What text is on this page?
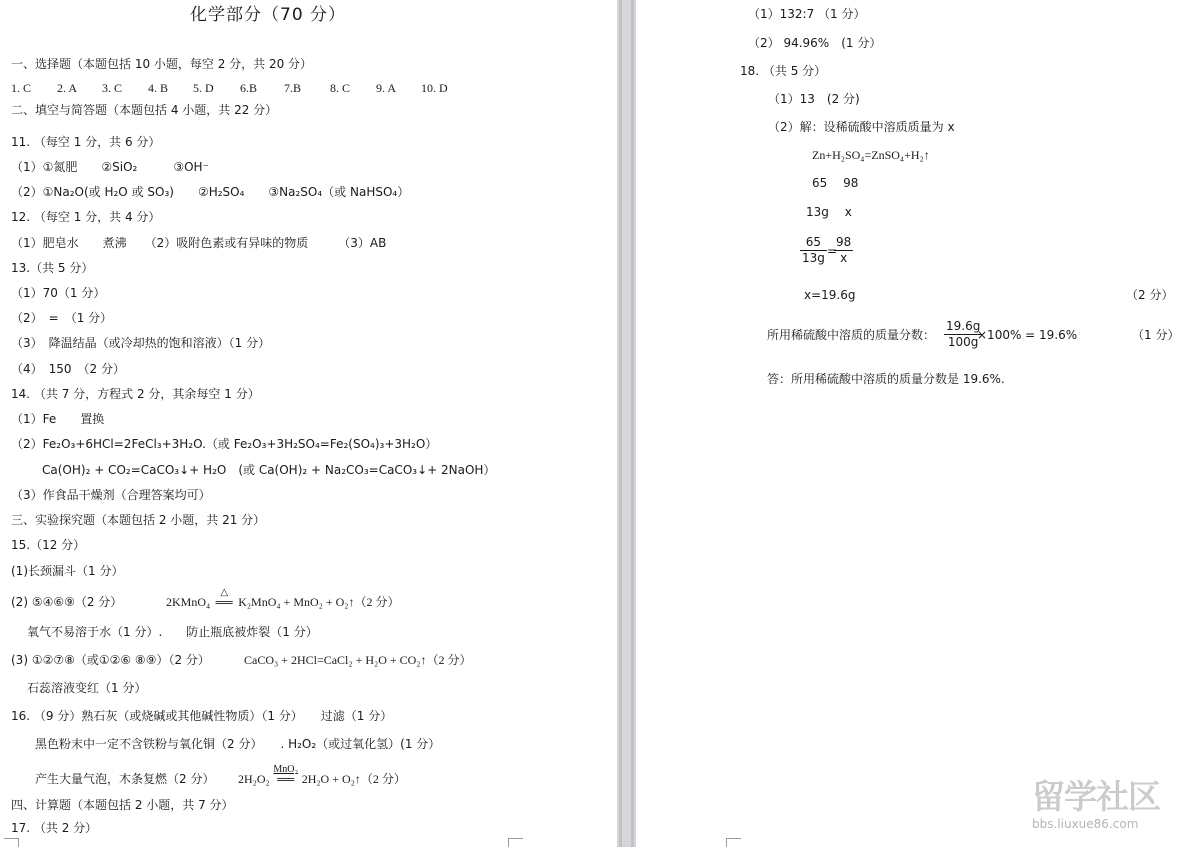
化学部分（70 分）
一、选择题（本题包括 10 小题，每空 2 分，共 20 分）
1. C 2. A 3. C 4. B 5. D 6.B 7.B 8. C 9. A 10. D
二、填空与简答题（本题包括 4 小题，共 22 分）
11. （每空 1 分，共 6 分）
（1）①氮肥　　②SiO₂　　　③OH⁻
（2）①Na₂O(或 H₂O 或 SO₃)　　②H₂SO₄　　③Na₂SO₄（或 NaHSO₄）
12. （每空 1 分，共 4 分）
（1）肥皂水　　煮沸　　（2）吸附色素或有异味的物质　　　（3）AB
13.（共 5 分）
（1）70（1 分）
（2）　=　（1 分）
（3）　降温结晶（或冷却热的饱和溶液）（1 分）
（4）　150　（2 分）
14. （共 7 分，方程式 2 分，其余每空 1 分）
（1）Fe　　置换
（2）Fe₂O₃+6HCl=2FeCl₃+3H₂O.（或 Fe₂O₃+3H₂SO₄=Fe₂(SO₄)₃+3H₂O）
Ca(OH)₂ + CO₂=CaCO₃↓+ H₂O　(或 Ca(OH)₂ + Na₂CO₃=CaCO₃↓+ 2NaOH）
（3）作食品干燥剂（合理答案均可）
三、实验探究题（本题包括 2 小题，共 21 分）
15.（12 分）
(1)长颈漏斗（1 分）
(2) ⑤④⑥⑨（2 分）	2KMnO₄
△
══ K₂MnO₄ + MnO₂ + O₂↑（2 分）
氧气不易溶于水（1 分）.　　防止瓶底被炸裂（1 分）
(3) ①②⑦⑧（或①②⑥ ⑧⑨）（2 分）	CaCO₃ + 2HCl=CaCl₂ + H₂O + CO₂↑（2 分）
石蕊溶液变红（1 分）
16. （9 分）熟石灰（或烧碱或其他碱性物质）（1 分）　　过滤（1 分）
黑色粉末中一定不含铁粉与氧化铜（2 分）　　. H₂O₂（或过氧化氢）(1 分）
产生大量气泡，木条复燃（2 分） 2H₂O₂
MnO₂
══ 2H₂O + O₂↑（2 分）
四、计算题（本题包括 2 小题，共 7 分）
17. （共 2 分）
（1）132:7 （1 分）
（2） 94.96%　(1 分）
18. （共 5 分）
（1）13　(2 分)
（2）解：设稀硫酸中溶质质量为 x
Zn+H₂SO₄=ZnSO₄+H₂↑
65　 98
13g　 x
$\frac{65}{13g}$ =
$\frac{98}{x}$
x=19.6g	（2 分）
所用稀硫酸中溶质的质量分数： $\frac{19.6g}{100g}$
×100% = 19.6%	（1 分）
答：所用稀硫酸中溶质的质量分数是 19.6%.
留学社区
bbs.liuxue86.com
